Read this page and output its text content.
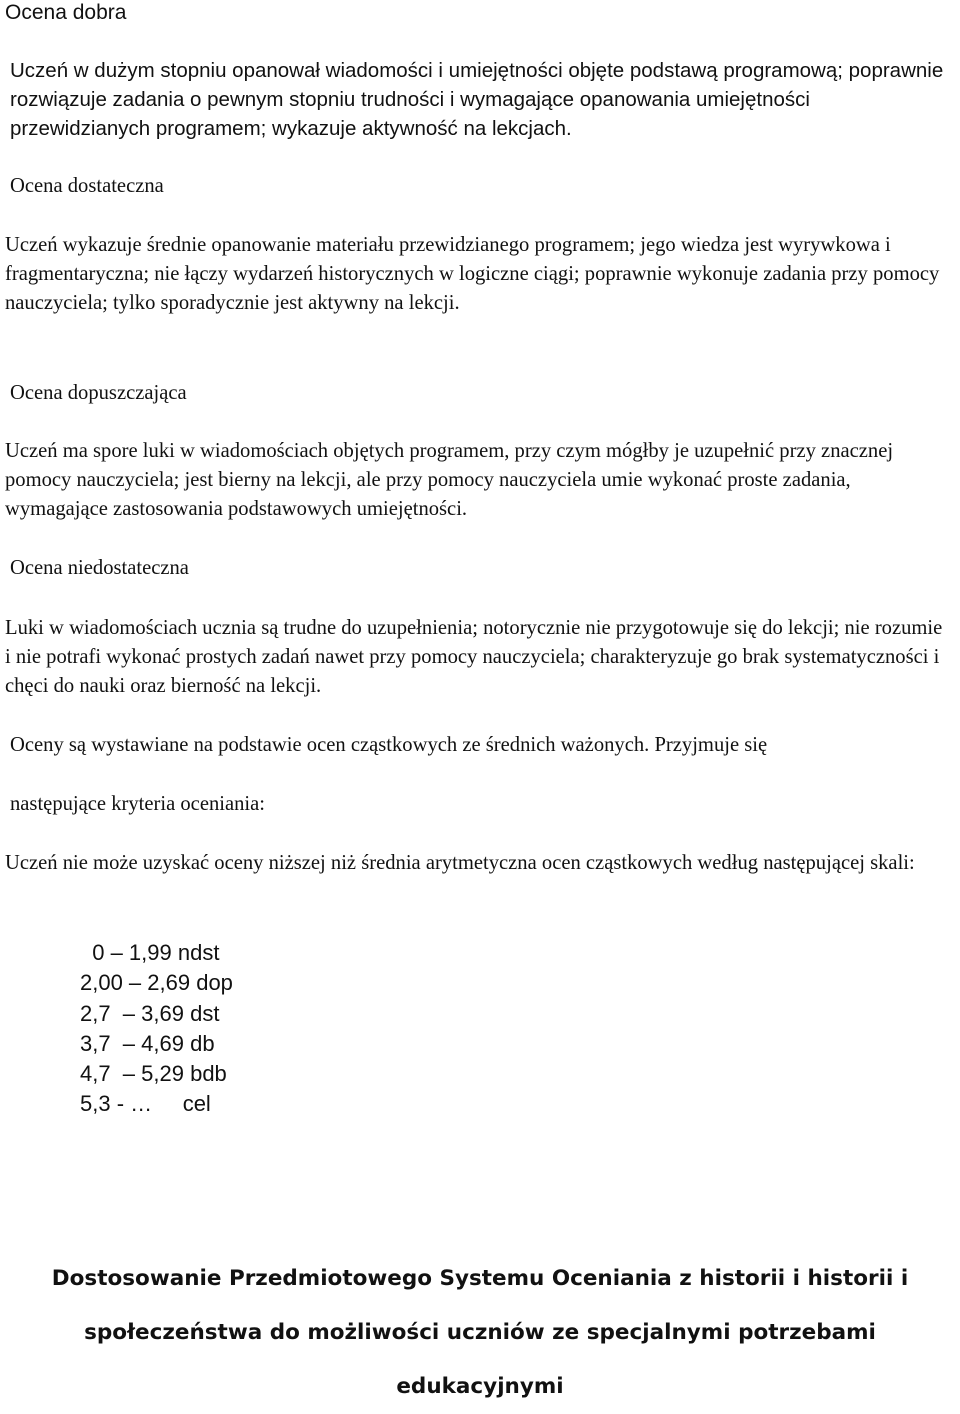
Ocena dobra
Uczeń w dużym stopniu opanował wiadomości i umiejętności objęte podstawą programową; poprawnie rozwiązuje zadania o pewnym stopniu trudności i wymagające opanowania umiejętności przewidzianych programem; wykazuje aktywność na lekcjach.
Ocena dostateczna
Uczeń wykazuje średnie opanowanie materiału przewidzianego programem; jego wiedza jest wyrywkowa i fragmentaryczna; nie łączy wydarzeń historycznych w logiczne ciągi; poprawnie wykonuje zadania przy pomocy nauczyciela; tylko sporadycznie jest aktywny na lekcji.
Ocena dopuszczająca
Uczeń ma spore luki w wiadomościach objętych programem, przy czym mógłby je uzupełnić przy znacznej pomocy nauczyciela; jest bierny na lekcji, ale przy pomocy nauczyciela umie wykonać proste zadania, wymagające zastosowania podstawowych umiejętności.
Ocena niedostateczna
Luki w wiadomościach ucznia są trudne do uzupełnienia; notorycznie nie przygotowuje się do lekcji; nie rozumie i nie potrafi wykonać prostych zadań nawet przy pomocy nauczyciela; charakteryzuje go brak systematyczności i chęci do nauki oraz bierność na lekcji.
Oceny są wystawiane na podstawie ocen cząstkowych ze średnich ważonych. Przyjmuje się
następujące kryteria oceniania:
Uczeń nie może uzyskać oceny niższej niż średnia arytmetyczna ocen cząstkowych według następującej skali:
0 – 1,99 ndst
2,00 – 2,69 dop
2,7  – 3,69 dst
3,7  – 4,69 db
4,7  – 5,29 bdb
5,3 - …     cel
Dostosowanie Przedmiotowego Systemu Oceniania z historii i historii i
społeczeństwa do możliwości uczniów ze specjalnymi potrzebami
edukacyjnymi
